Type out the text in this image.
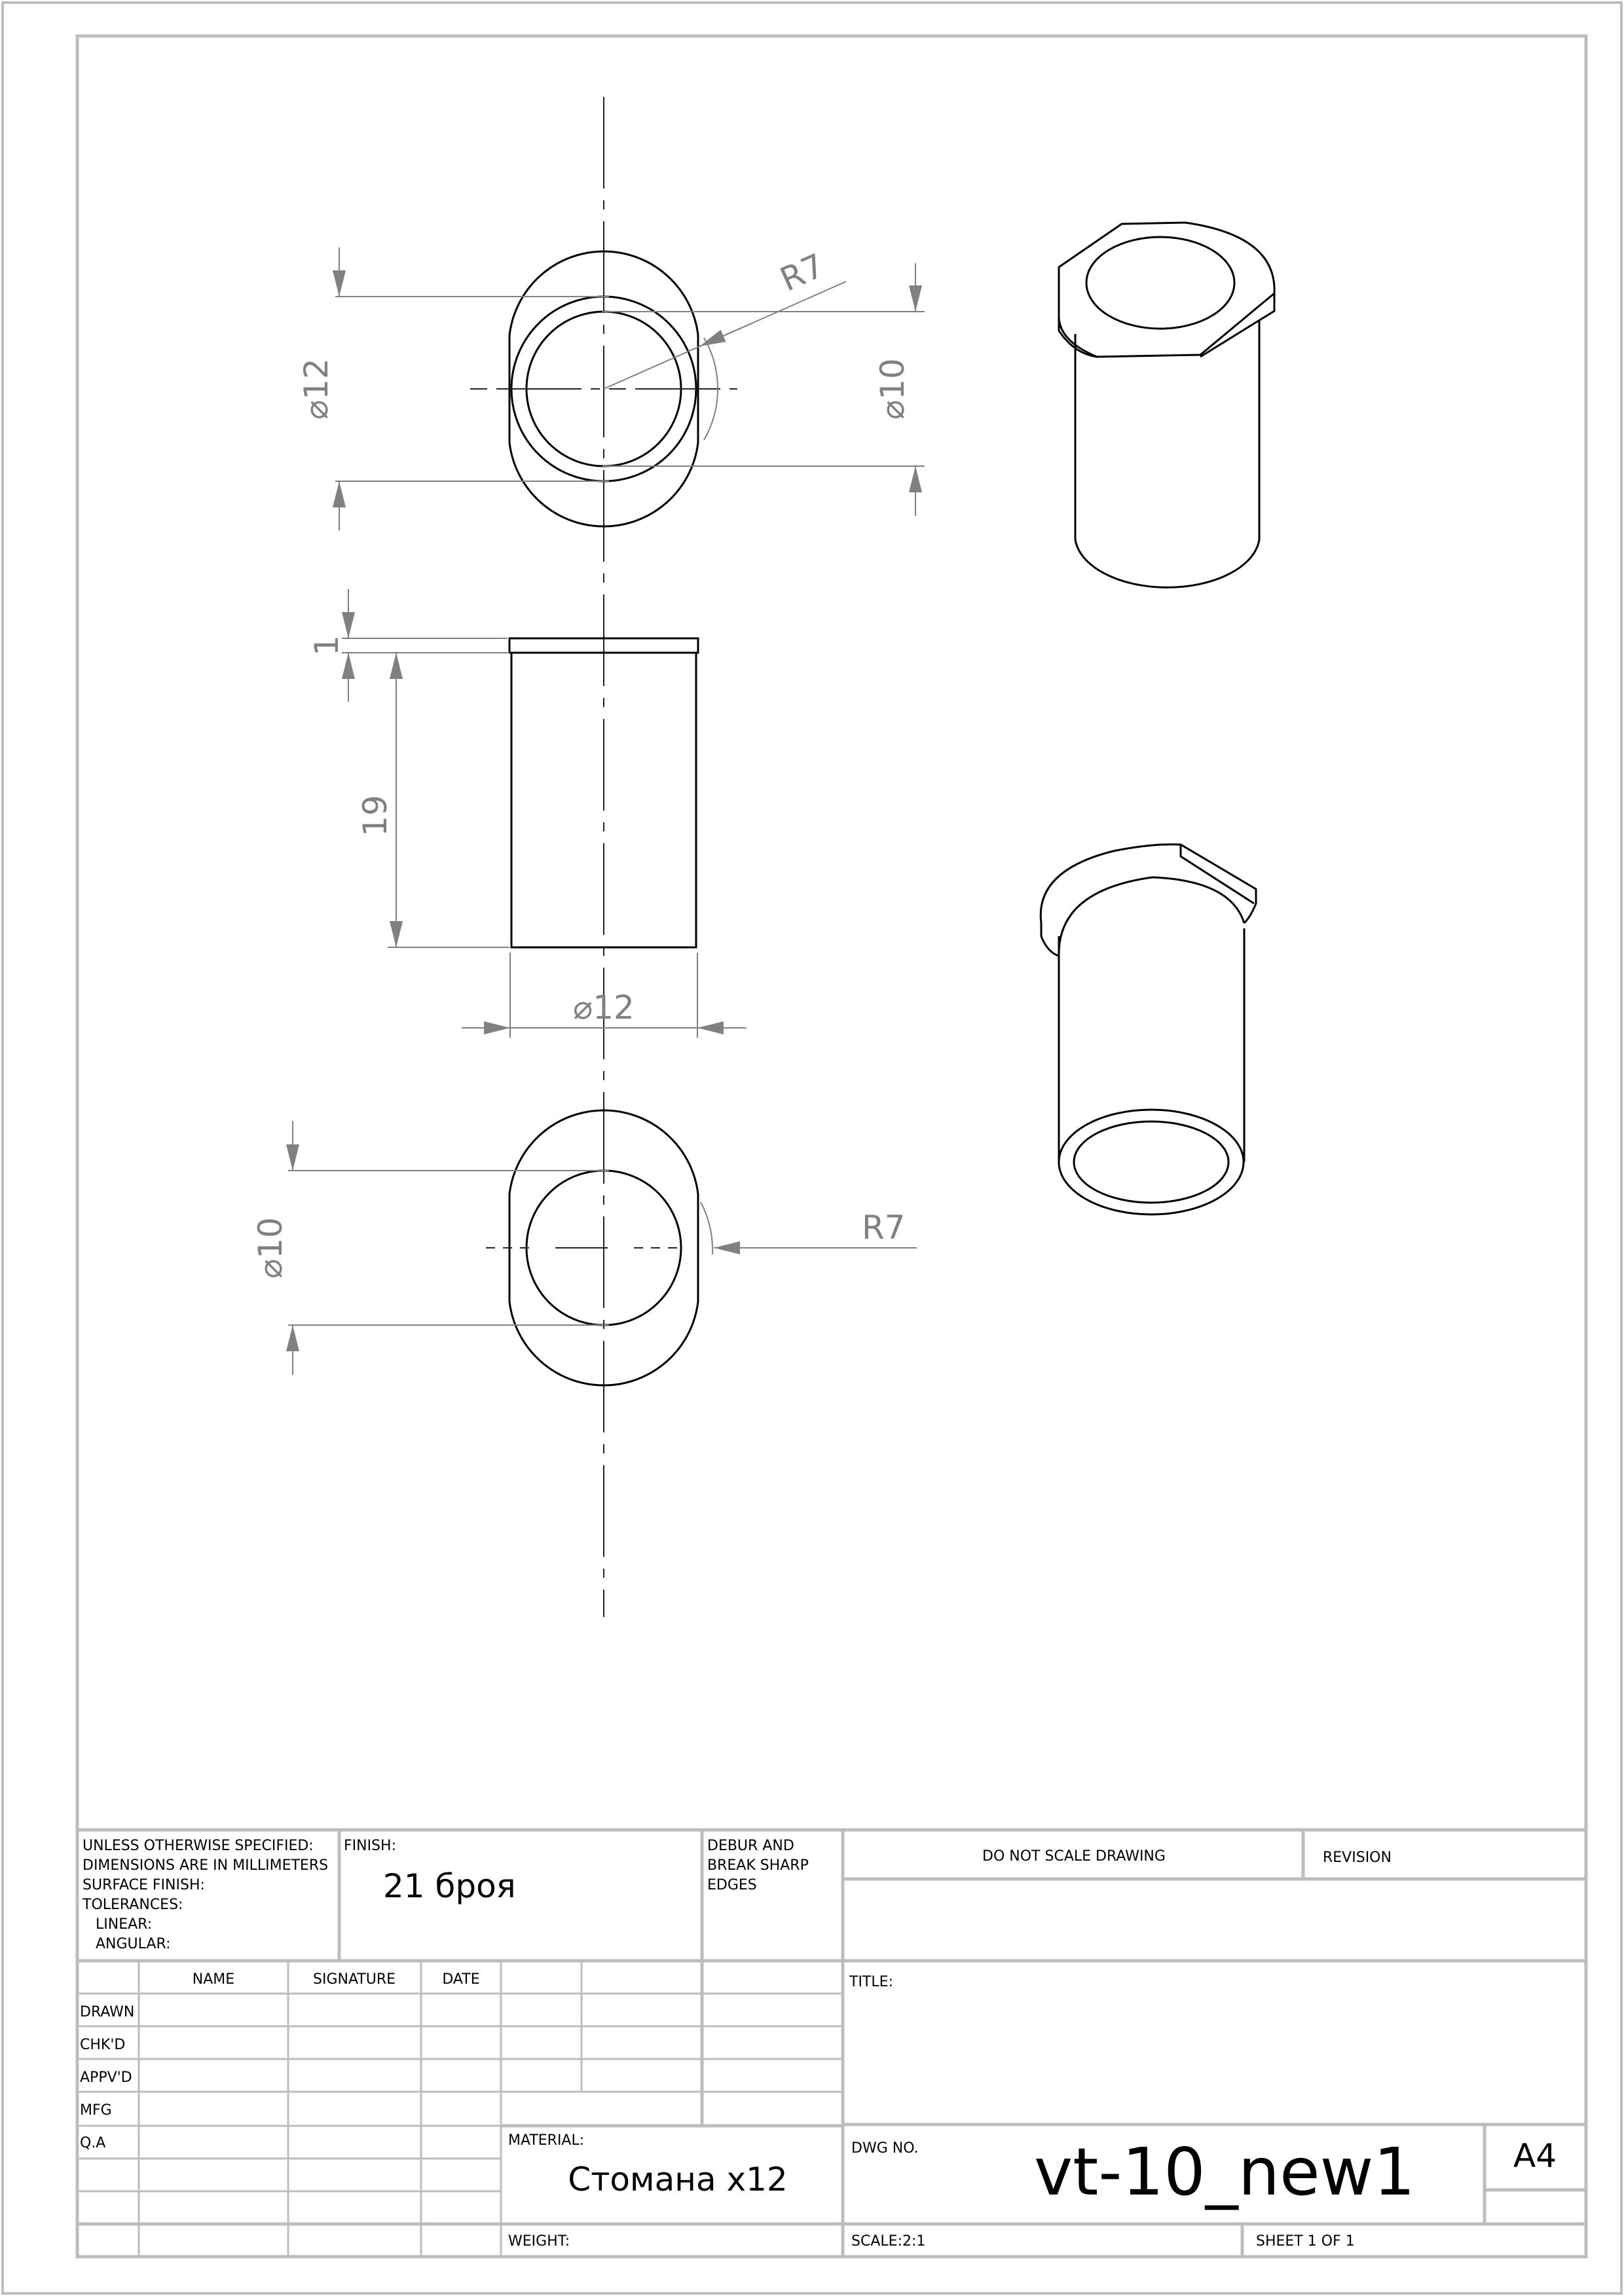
⌀12	⌀10
R7
1
19
⌀12
⌀10	R7
UNLESS OTHERWISE SPECIFIED:
DIMENSIONS ARE IN MILLIMETERS
SURFACE FINISH:
TOLERANCES:
LINEAR:
ANGULAR:
FINISH:
21 броя
DEBUR AND
BREAK SHARP
EDGES
DO NOT SCALE DRAWING	REVISION
NAME	SIGNATURE	DATE
DRAWN
CHK'D
APPV'D
MFG
Q.A
TITLE:
MATERIAL:
Стомана x12
DWG NO. vt-10_new1	A4
WEIGHT:	SCALE:2:1	SHEET 1 OF 1
